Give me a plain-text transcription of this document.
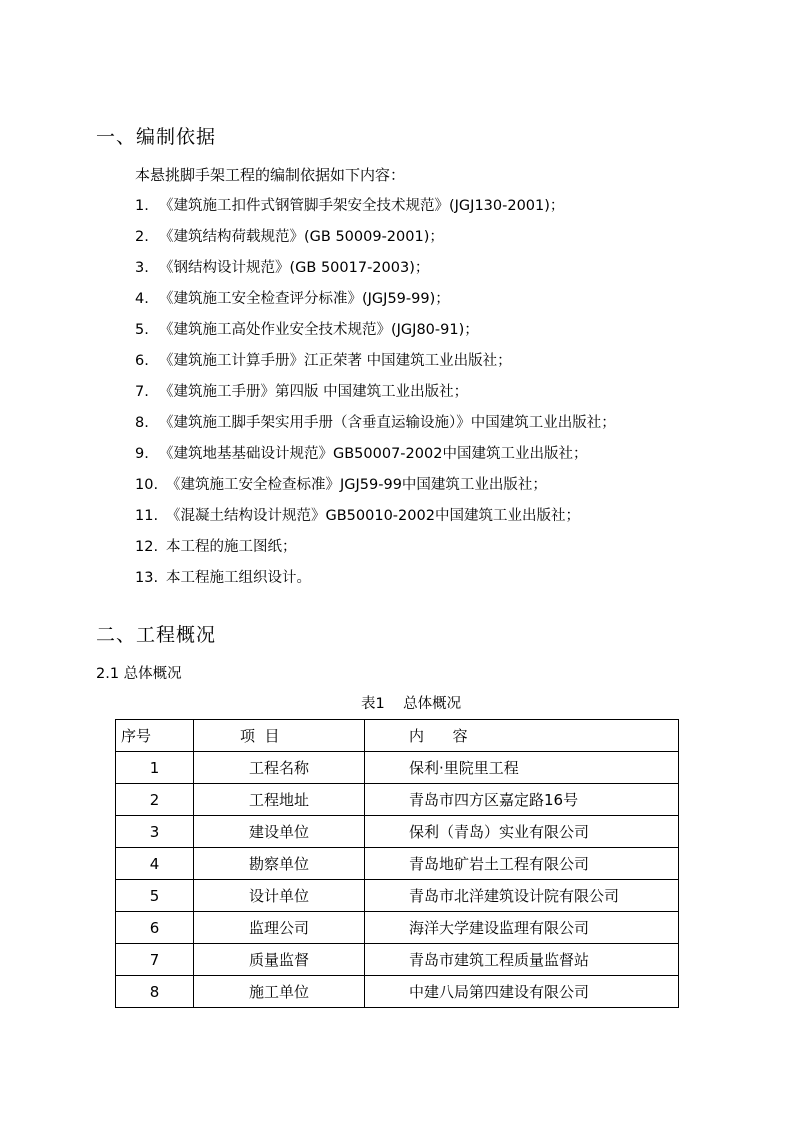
一、编制依据
本悬挑脚手架工程的编制依据如下内容：
1. 《建筑施工扣件式钢管脚手架安全技术规范》(JGJ130-2001)；
2. 《建筑结构荷载规范》(GB 50009-2001)；
3. 《钢结构设计规范》(GB 50017-2003)；
4. 《建筑施工安全检查评分标准》(JGJ59-99)；
5. 《建筑施工高处作业安全技术规范》(JGJ80-91)；
6. 《建筑施工计算手册》江正荣著 中国建筑工业出版社；
7. 《建筑施工手册》第四版 中国建筑工业出版社；
8. 《建筑施工脚手架实用手册（含垂直运输设施）》中国建筑工业出版社；
9. 《建筑地基基础设计规范》GB50007-2002中国建筑工业出版社；
10. 《建筑施工安全检查标准》JGJ59-99中国建筑工业出版社；
11. 《混凝土结构设计规范》GB50010-2002中国建筑工业出版社；
12. 本工程的施工图纸；
13. 本工程施工组织设计。
二、工程概况
2.1 总体概况
表1    总体概况
序号	项  目	内      容
1	工程名称	保利·里院里工程
2	工程地址	青岛市四方区嘉定路16号
3	建设单位	保利（青岛）实业有限公司
4	勘察单位	青岛地矿岩土工程有限公司
5	设计单位	青岛市北洋建筑设计院有限公司
6	监理公司	海洋大学建设监理有限公司
7	质量监督	青岛市建筑工程质量监督站
8	施工单位	中建八局第四建设有限公司
